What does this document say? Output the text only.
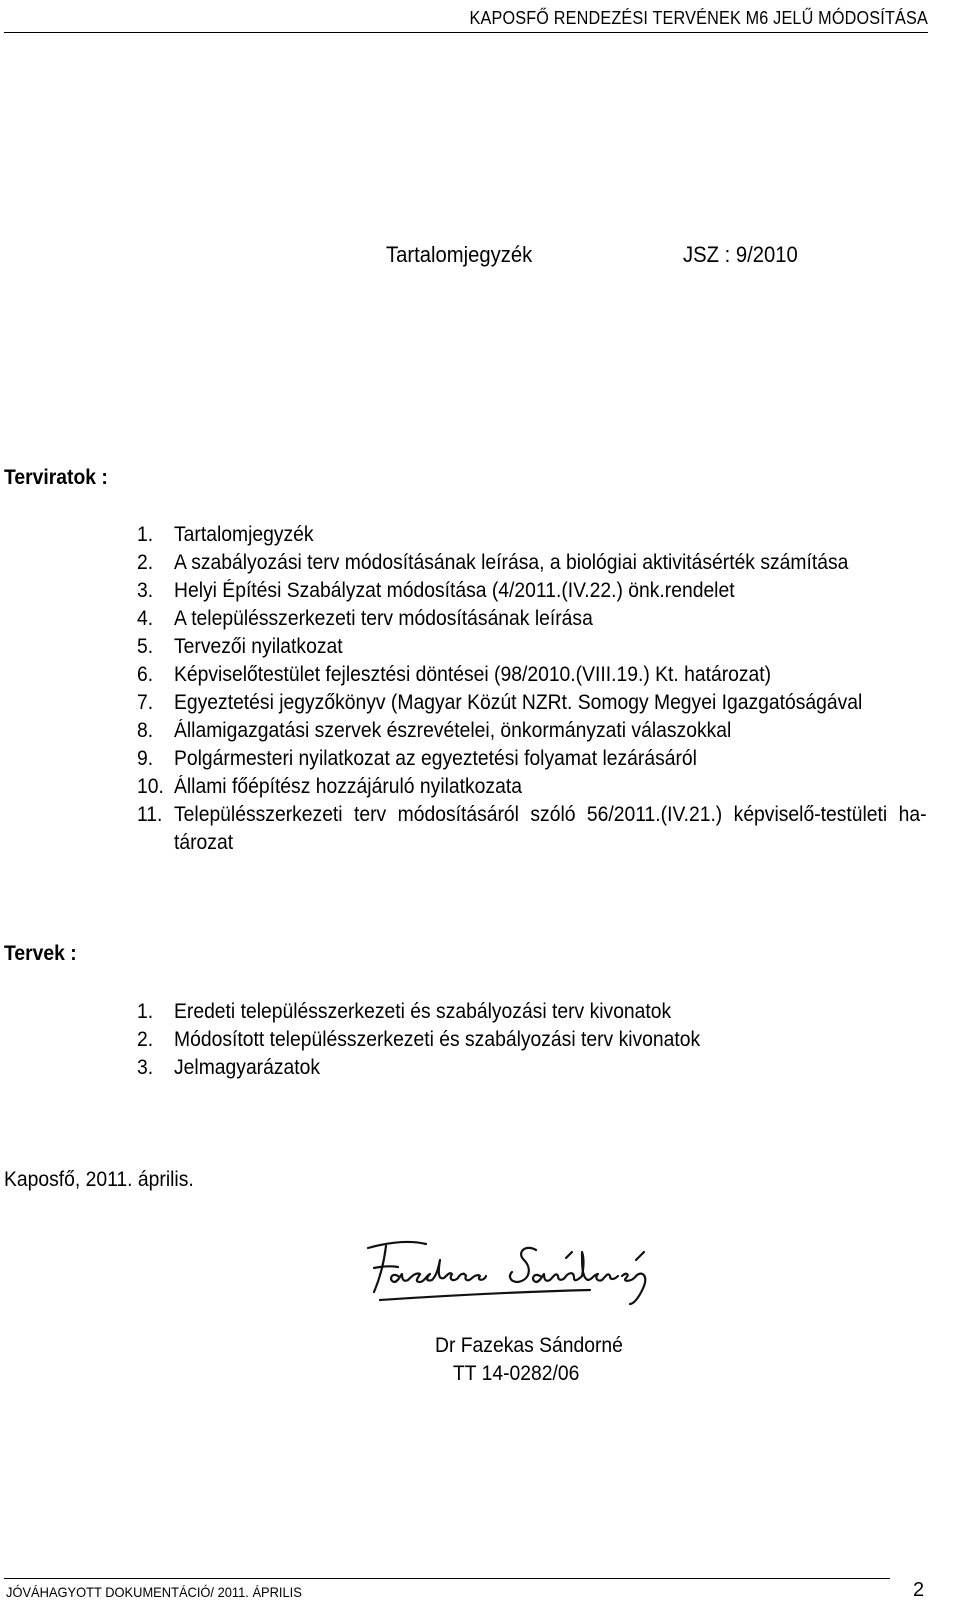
KAPOSFŐ RENDEZÉSI TERVÉNEK M6 JELŰ MÓDOSÍTÁSA
Tartalomjegyzék	JSZ : 9/2010
Terviratok :
1. Tartalomjegyzék
2. A szabályozási terv módosításának leírása, a biológiai aktivitásérték számítása
3. Helyi Építési Szabályzat módosítása (4/2011.(IV.22.) önk.rendelet
4. A településszerkezeti terv módosításának leírása
5. Tervezői nyilatkozat
6. Képviselőtestület fejlesztési döntései (98/2010.(VIII.19.) Kt. határozat)
7. Egyeztetési jegyzőkönyv (Magyar Közút NZRt. Somogy Megyei Igazgatóságával
8. Államigazgatási szervek észrevételei, önkormányzati válaszokkal
9. Polgármesteri nyilatkozat az egyeztetési folyamat lezárásáról
10. Állami főépítész hozzájáruló nyilatkozata
11. Településszerkezeti terv módosításáról szóló 56/2011.(IV.21.) képviselő-testületi ha- tározat
Tervek :
1. Eredeti településszerkezeti és szabályozási terv kivonatok
2. Módosított településszerkezeti és szabályozási terv kivonatok
3. Jelmagyarázatok
Kaposfő, 2011. április.
Dr Fazekas Sándorné
TT 14-0282/06
JÓVÁHAGYOTT DOKUMENTÁCIÓ/ 2011. ÁPRILIS	2
